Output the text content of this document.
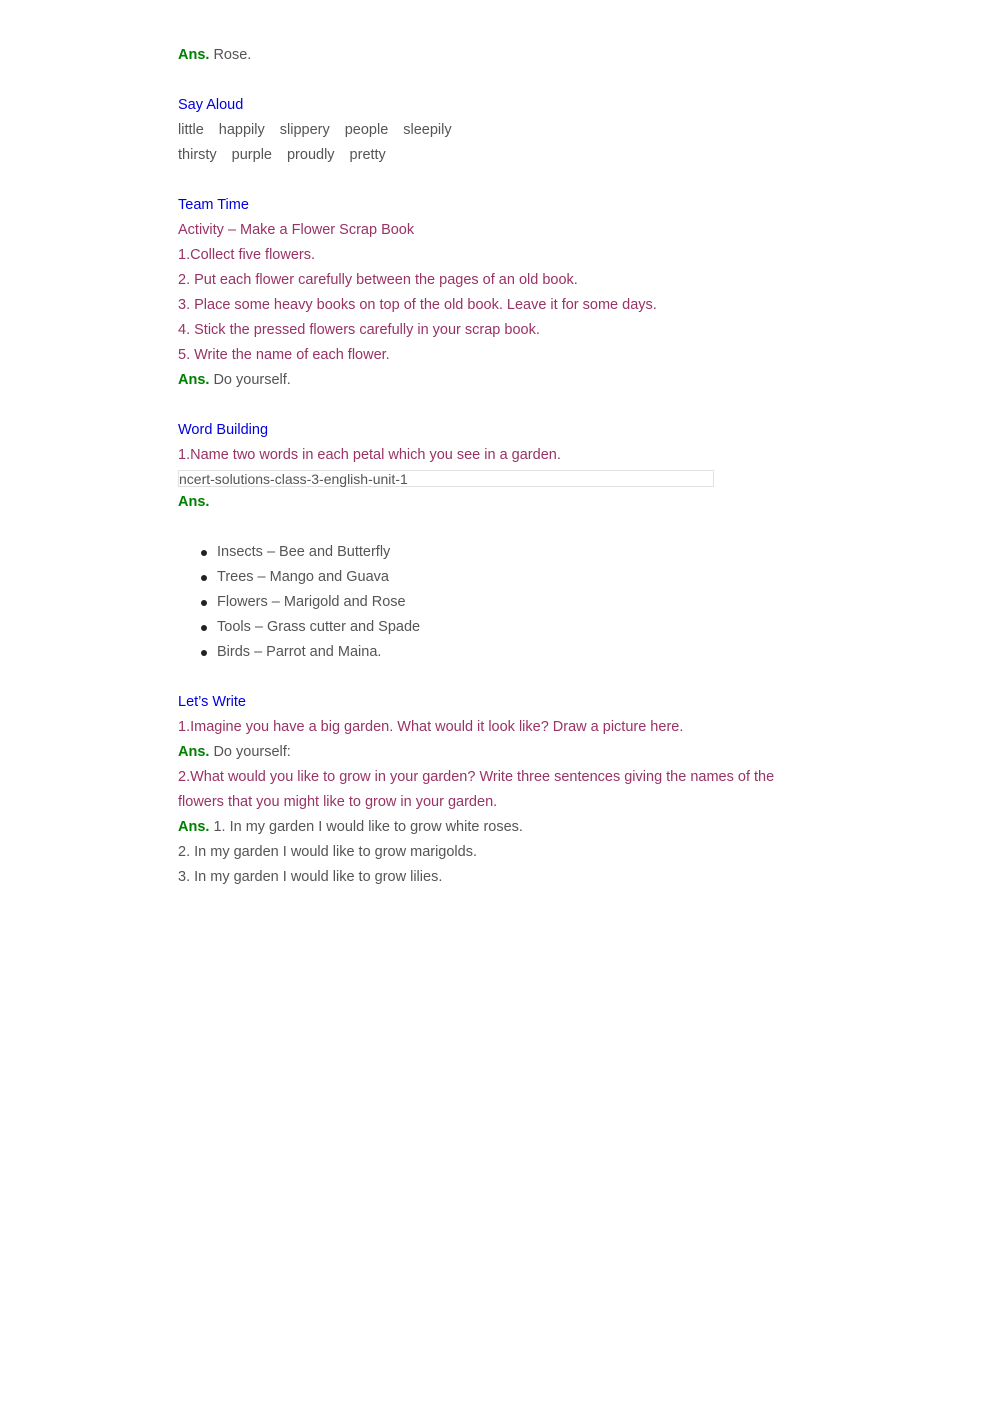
Ans. Rose.
Say Aloud
little happily slippery people sleepily
thirsty purple proudly pretty
Team Time
Activity – Make a Flower Scrap Book
1.Collect five flowers.
2. Put each flower carefully between the pages of an old book.
3. Place some heavy books on top of the old book. Leave it for some days.
4. Stick the pressed flowers carefully in your scrap book.
5. Write the name of each flower.
Ans. Do yourself.
Word Building
1.Name two words in each petal which you see in a garden.
ncert-solutions-class-3-english-unit-1
Ans.
Insects – Bee and Butterfly
Trees – Mango and Guava
Flowers – Marigold and Rose
Tools – Grass cutter and Spade
Birds – Parrot and Maina.
Let’s Write
1.Imagine you have a big garden. What would it look like? Draw a picture here.
Ans. Do yourself:
2.What would you like to grow in your garden? Write three sentences giving the names of the
flowers that you might like to grow in your garden.
Ans. 1. In my garden I would like to grow white roses.
2. In my garden I would like to grow marigolds.
3. In my garden I would like to grow lilies.
